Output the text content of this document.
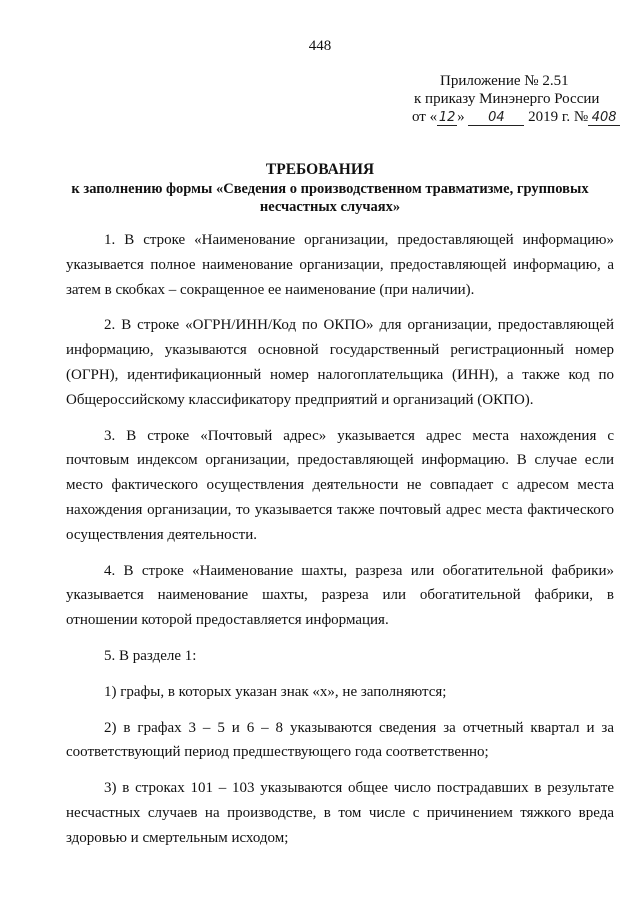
448
Приложение № 2.51
к приказу Минэнерго России
от « 12 » 04 2019 г. № 408
ТРЕБОВАНИЯ
к заполнению формы «Сведения о производственном травматизме, групповых несчастных случаях»

1. В строке «Наименование организации, предоставляющей информацию» указывается полное наименование организации, предоставляющей информацию, а затем в скобках – сокращенное ее наименование (при наличии).

2. В строке «ОГРН/ИНН/Код по ОКПО» для организации, предоставляющей информацию, указываются основной государственный регистрационный номер (ОГРН), идентификационный номер налогоплательщика (ИНН), а также код по Общероссийскому классификатору предприятий и организаций (ОКПО).

3. В строке «Почтовый адрес» указывается адрес места нахождения с почтовым индексом организации, предоставляющей информацию. В случае если место фактического осуществления деятельности не совпадает с адресом места нахождения организации, то указывается также почтовый адрес места фактического осуществления деятельности.

4. В строке «Наименование шахты, разреза или обогатительной фабрики» указывается наименование шахты, разреза или обогатительной фабрики, в отношении которой предоставляется информация.

5. В разделе 1:

1) графы, в которых указан знак «х», не заполняются;

2) в графах 3 – 5 и 6 – 8 указываются сведения за отчетный квартал и за соответствующий период предшествующего года соответственно;

3) в строках 101 – 103 указываются общее число пострадавших в результате несчастных случаев на производстве, в том числе с причинением тяжкого вреда здоровью и смертельным исходом;
